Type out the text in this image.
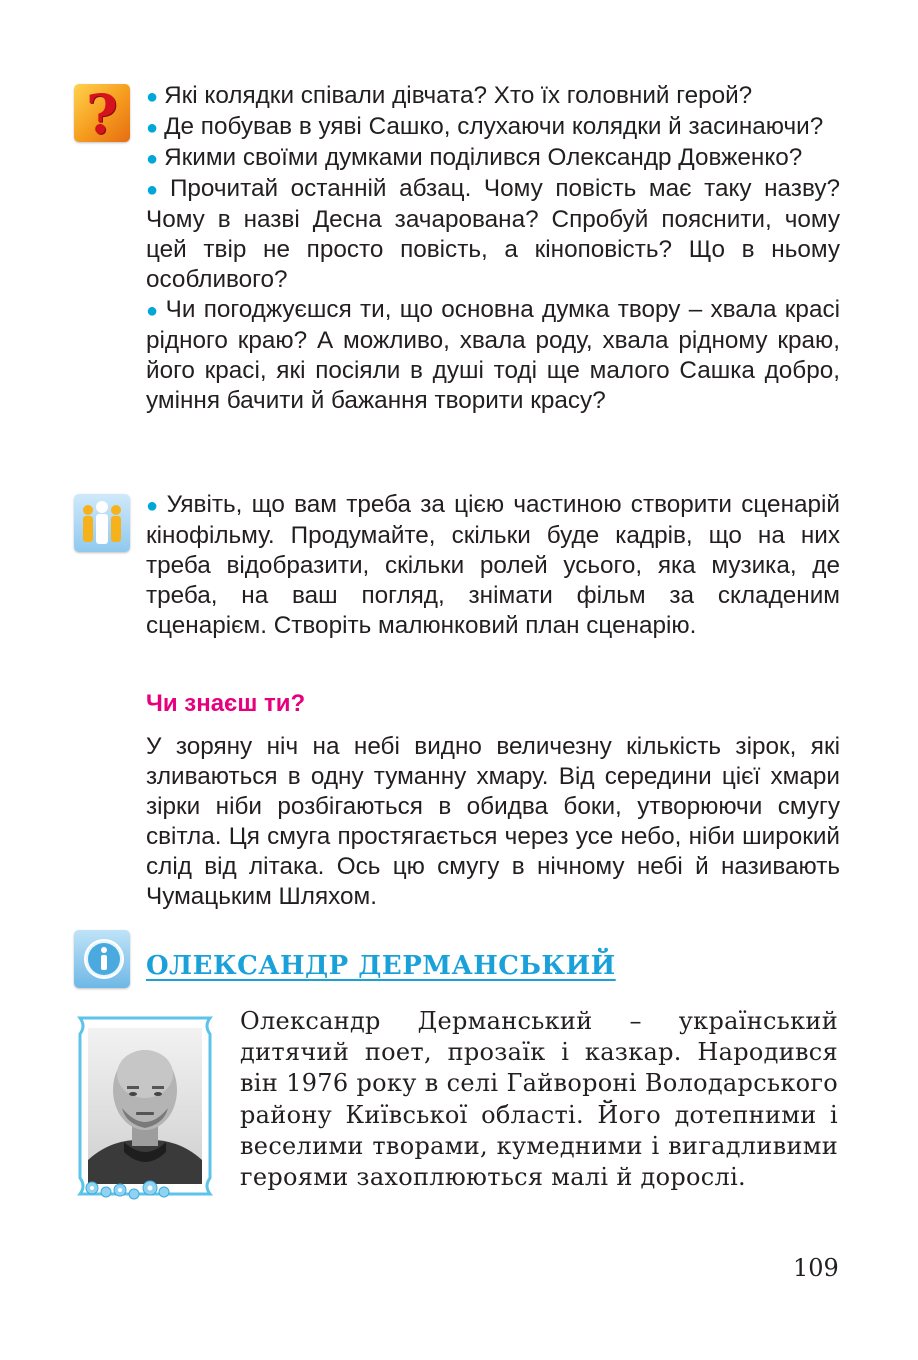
? ● Які колядки співали дівчата? Хто їх головний герой?

● Де побував в уяві Сашко, слухаючи колядки й засинаючи?

● Якими своїми думками поділився Олександр Довженко?

● Прочитай останній абзац. Чому повість має таку назву? Чому в назві Десна зачарована? Спробуй пояснити, чому цей твір не просто повість, а кіноповість? Що в ньому особливого?

● Чи погоджуєшся ти, що основна думка твору – хвала красі рідного краю? А можливо, хвала роду, хвала рідному краю, його красі, які посіяли в душі тоді ще малого Сашка добро, уміння бачити й бажання творити красу?

● Уявіть, що вам треба за цією частиною створити сценарій кінофільму. Продумайте, скільки буде кадрів, що на них треба відобразити, скільки ролей усього, яка музика, де треба, на ваш погляд, знімати фільм за складеним сценарієм. Створіть малюнковий план сценарію.

Чи знаєш ти?

У зоряну ніч на небі видно величезну кількість зірок, які зливаються в одну туманну хмару. Від середини цієї хмари зірки ніби розбігаються в обидва боки, утворюючи смугу світла. Ця смуга простягається через усе небо, ніби широкий слід від літака. Ось цю смугу в нічному небі й називають Чумацьким Шляхом.

ОЛЕКСАНДР ДЕРМАНСЬКИЙ

Олександр Дерманський – український дитячий поет, прозаїк і казкар. Народився він 1976 року в селі Гайвороні Володарського району Київської області. Його дотепними і веселими творами, кумедними і вигадливими героями захоплюються малі й дорослі.

109
